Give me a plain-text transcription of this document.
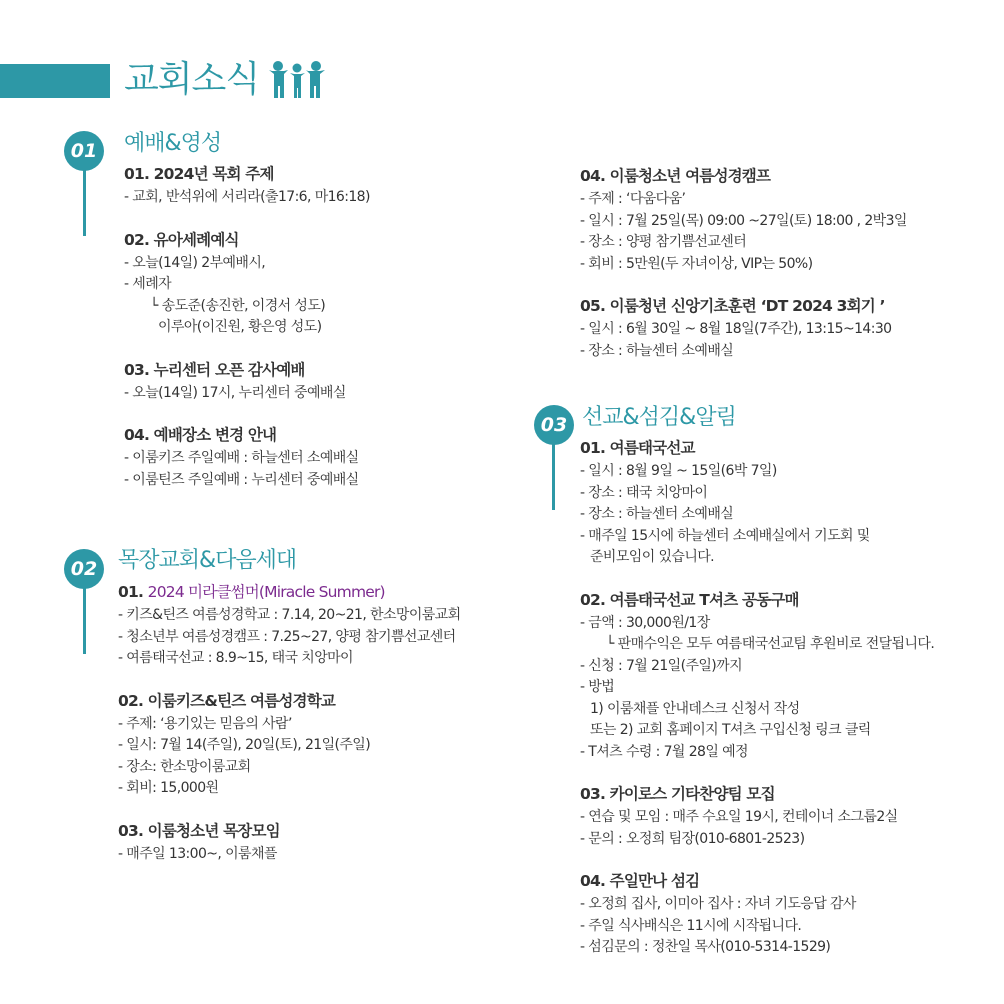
교회소식
01	예배&영성
01. 2024년 목회 주제
- 교회, 반석위에 서리라(출17:6, 마16:18)
02. 유아세례예식
- 오늘(14일) 2부예배시,
- 세례자
└ 송도준(송진한, 이경서 성도)
이루아(이진원, 황은영 성도)
03. 누리센터 오픈 감사예배
- 오늘(14일) 17시, 누리센터 중예배실
04. 예배장소 변경 안내
- 이룸키즈 주일예배 : 하늘센터 소예배실
- 이룸틴즈 주일예배 : 누리센터 중예배실
04. 이룸청소년 여름성경캠프
- 주제 : ‘다움다움’
- 일시 : 7월 25일(목) 09:00 ~27일(토) 18:00 , 2박3일
- 장소 : 양평 참기쁨선교센터
- 회비 : 5만원(두 자녀이상, VIP는 50%)
05. 이룸청년 신앙기초훈련 ‘DT 2024 3회기 ’
- 일시 : 6월 30일 ~ 8월 18일(7주간), 13:15~14:30
- 장소 : 하늘센터 소예배실
02 목장교회&다음세대
01. 2024 미라클썸머(Miracle Summer)
- 키즈&틴즈 여름성경학교 : 7.14, 20~21, 한소망이룸교회
- 청소년부 여름성경캠프 : 7.25~27, 양평 참기쁨선교센터
- 여름태국선교 : 8.9~15, 태국 치앙마이
02. 이룸키즈&틴즈 여름성경학교
- 주제: ‘용기있는 믿음의 사람’
- 일시: 7월 14(주일), 20일(토), 21일(주일)
- 장소: 한소망이룸교회
- 회비: 15,000원
03. 이룸청소년 목장모임
- 매주일 13:00~, 이룸채플
03 선교&섬김&알림
01. 여름태국선교
- 일시 : 8월 9일 ~ 15일(6박 7일)
- 장소 : 태국 치앙마이
- 장소 : 하늘센터 소예배실
- 매주일 15시에 하늘센터 소예배실에서 기도회 및
준비모임이 있습니다.
02. 여름태국선교 T셔츠 공동구매
- 금액 : 30,000원/1장
└ 판매수익은 모두 여름태국선교팀 후원비로 전달됩니다.
- 신청 : 7월 21일(주일)까지
- 방법
1) 이룸채플 안내데스크 신청서 작성
또는 2) 교회 홈페이지 T셔츠 구입신청 링크 클릭
- T셔츠 수령 : 7월 28일 예정
03. 카이로스 기타찬양팀 모집
- 연습 및 모임 : 매주 수요일 19시, 컨테이너 소그룹2실
- 문의 : 오정희 팀장(010-6801-2523)
04. 주일만나 섬김
- 오정희 집사, 이미아 집사 : 자녀 기도응답 감사
- 주일 식사배식은 11시에 시작됩니다.
- 섬김문의 : 정찬일 목사(010-5314-1529)
